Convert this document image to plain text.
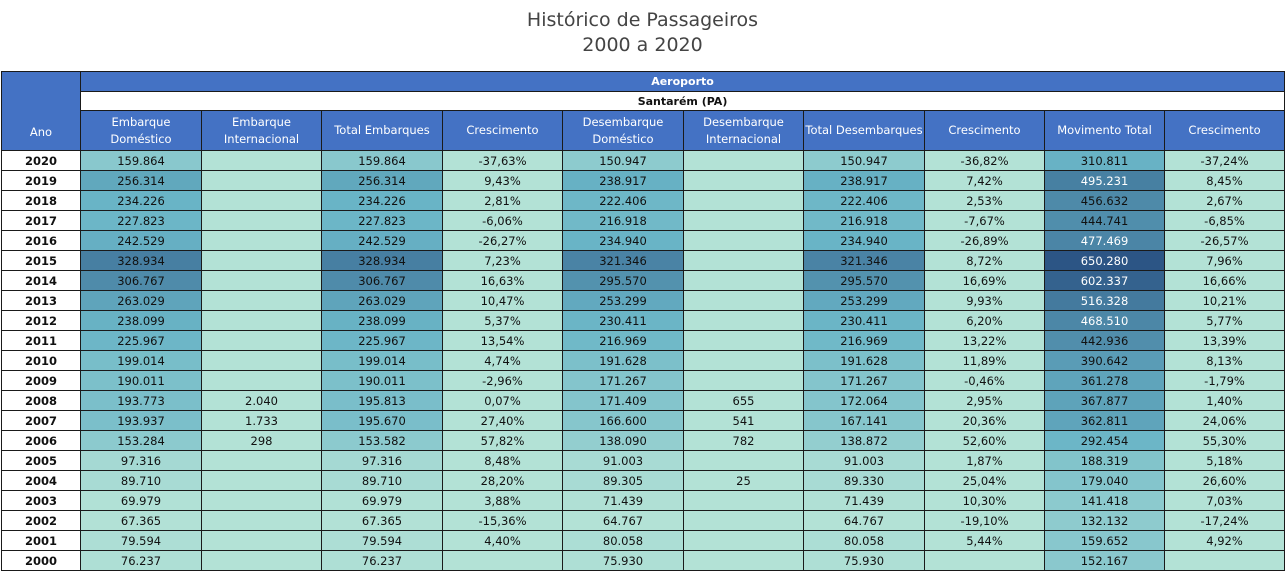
Histórico de Passageiros
2000 a 2020
Ano	Aeroporto									
	Santarém (PA)									
	Embarque Doméstico	Embarque Internacional	Total Embarques	Crescimento	Desembarque Doméstico	Desembarque Internacional	Total Desembarques	Crescimento	Movimento Total	Crescimento
2020	159.864		159.864	-37,63%	150.947		150.947	-36,82%	310.811	-37,24%
2019	256.314		256.314	9,43%	238.917		238.917	7,42%	495.231	8,45%
2018	234.226		234.226	2,81%	222.406		222.406	2,53%	456.632	2,67%
2017	227.823		227.823	-6,06%	216.918		216.918	-7,67%	444.741	-6,85%
2016	242.529		242.529	-26,27%	234.940		234.940	-26,89%	477.469	-26,57%
2015	328.934		328.934	7,23%	321.346		321.346	8,72%	650.280	7,96%
2014	306.767		306.767	16,63%	295.570		295.570	16,69%	602.337	16,66%
2013	263.029		263.029	10,47%	253.299		253.299	9,93%	516.328	10,21%
2012	238.099		238.099	5,37%	230.411		230.411	6,20%	468.510	5,77%
2011	225.967		225.967	13,54%	216.969		216.969	13,22%	442.936	13,39%
2010	199.014		199.014	4,74%	191.628		191.628	11,89%	390.642	8,13%
2009	190.011		190.011	-2,96%	171.267		171.267	-0,46%	361.278	-1,79%
2008	193.773	2.040	195.813	0,07%	171.409	655	172.064	2,95%	367.877	1,40%
2007	193.937	1.733	195.670	27,40%	166.600	541	167.141	20,36%	362.811	24,06%
2006	153.284	298	153.582	57,82%	138.090	782	138.872	52,60%	292.454	55,30%
2005	97.316		97.316	8,48%	91.003		91.003	1,87%	188.319	5,18%
2004	89.710		89.710	28,20%	89.305	25	89.330	25,04%	179.040	26,60%
2003	69.979		69.979	3,88%	71.439		71.439	10,30%	141.418	7,03%
2002	67.365		67.365	-15,36%	64.767		64.767	-19,10%	132.132	-17,24%
2001	79.594		79.594	4,40%	80.058		80.058	5,44%	159.652	4,92%
2000	76.237		76.237		75.930		75.930		152.167	
